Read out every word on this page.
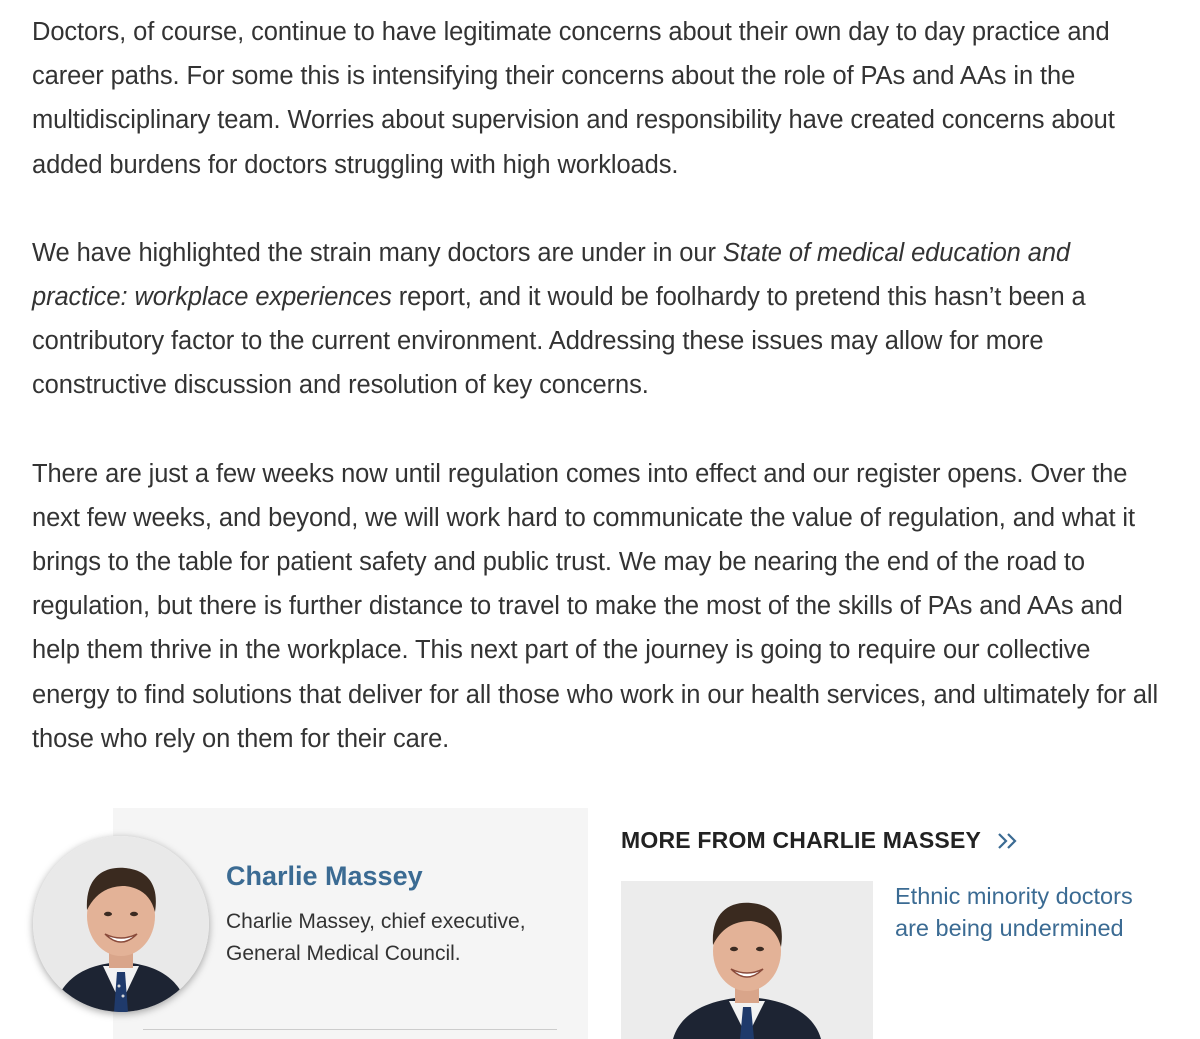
Doctors, of course, continue to have legitimate concerns about their own day to day practice and career paths. For some this is intensifying their concerns about the role of PAs and AAs in the multidisciplinary team. Worries about supervision and responsibility have created concerns about added burdens for doctors struggling with high workloads.

We have highlighted the strain many doctors are under in our State of medical education and practice: workplace experiences report, and it would be foolhardy to pretend this hasn’t been a contributory factor to the current environment. Addressing these issues may allow for more constructive discussion and resolution of key concerns.

There are just a few weeks now until regulation comes into effect and our register opens. Over the next few weeks, and beyond, we will work hard to communicate the value of regulation, and what it brings to the table for patient safety and public trust. We may be nearing the end of the road to regulation, but there is further distance to travel to make the most of the skills of PAs and AAs and help them thrive in the workplace. This next part of the journey is going to require our collective energy to find solutions that deliver for all those who work in our health services, and ultimately for all those who rely on them for their care.

Charlie Massey
Charlie Massey, chief executive, General Medical Council.
MORE FROM CHARLIE MASSEY
Ethnic minority doctors are being undermined
